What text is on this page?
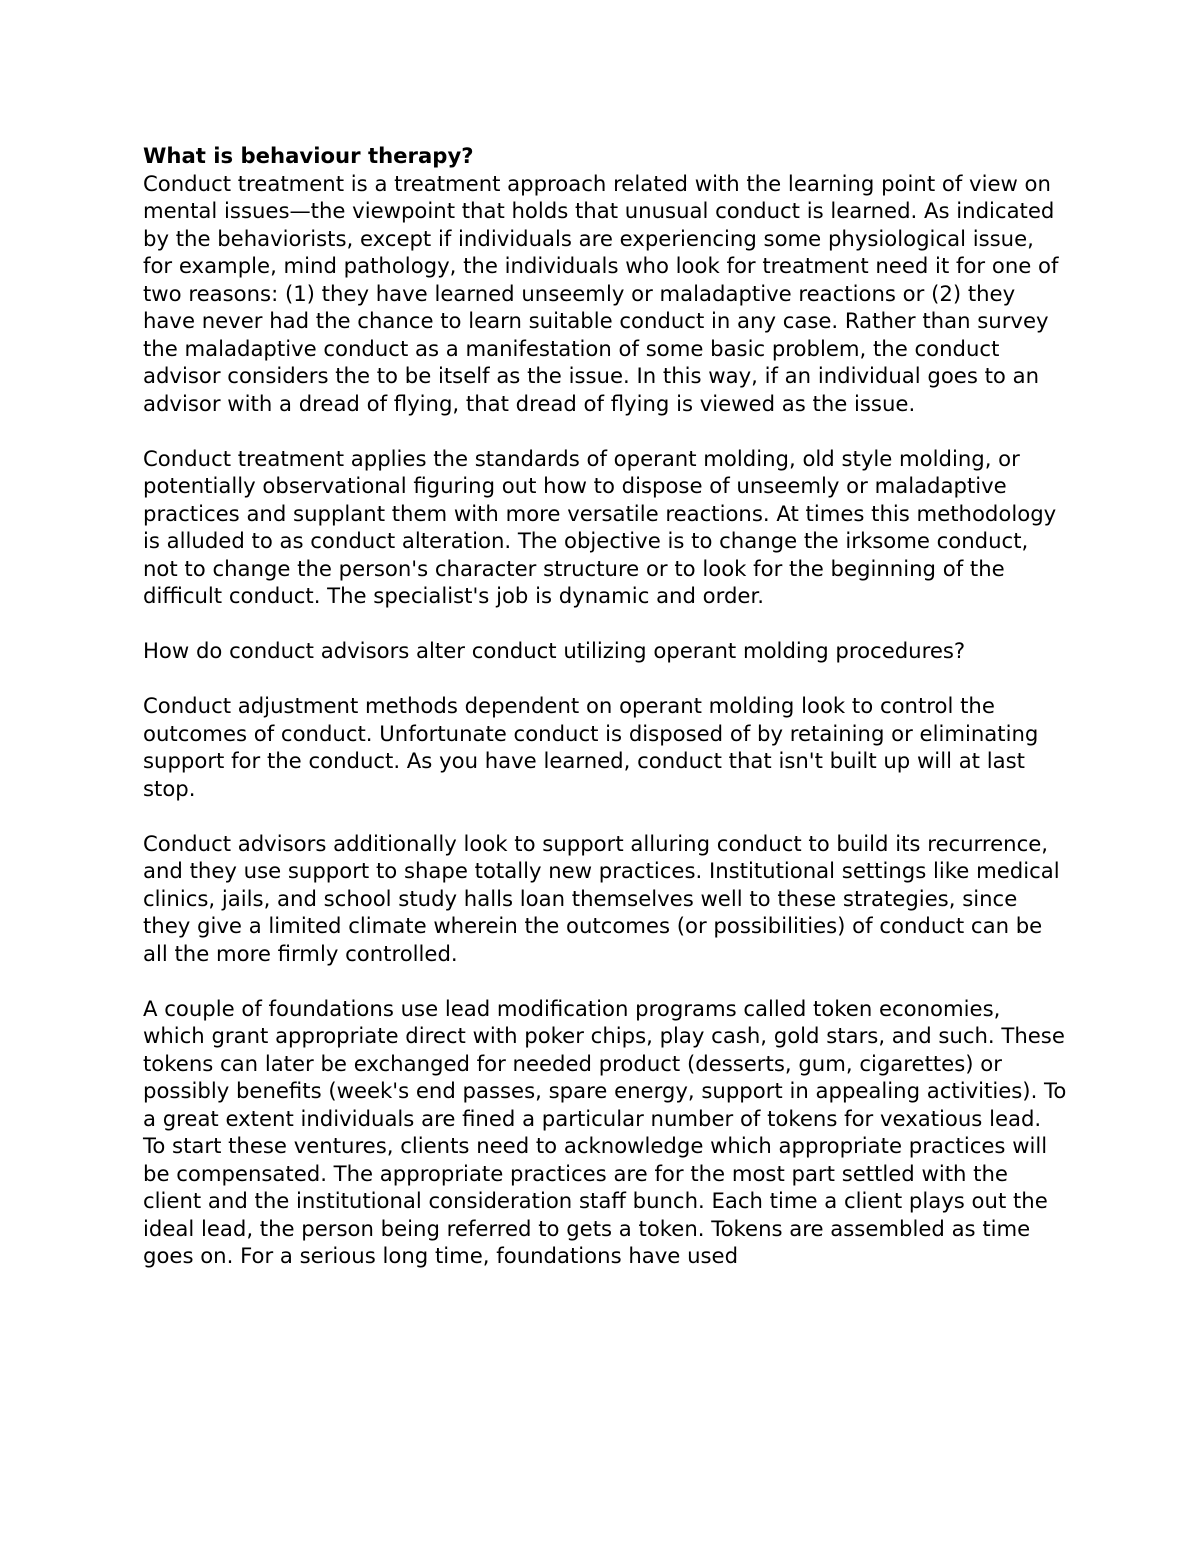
What is behaviour therapy?

Conduct treatment is a treatment approach related with the learning point of view on mental issues—the viewpoint that holds that unusual conduct is learned. As indicated by the behaviorists, except if individuals are experiencing some physiological issue, for example, mind pathology, the individuals who look for treatment need it for one of two reasons: (1) they have learned unseemly or maladaptive reactions or (2) they have never had the chance to learn suitable conduct in any case. Rather than survey the maladaptive conduct as a manifestation of some basic problem, the conduct advisor considers the to be itself as the issue. In this way, if an individual goes to an advisor with a dread of flying, that dread of flying is viewed as the issue.

Conduct treatment applies the standards of operant molding, old style molding, or potentially observational figuring out how to dispose of unseemly or maladaptive practices and supplant them with more versatile reactions. At times this methodology is alluded to as conduct alteration. The objective is to change the irksome conduct, not to change the person's character structure or to look for the beginning of the difficult conduct. The specialist's job is dynamic and order.

How do conduct advisors alter conduct utilizing operant molding procedures?

Conduct adjustment methods dependent on operant molding look to control the outcomes of conduct. Unfortunate conduct is disposed of by retaining or eliminating support for the conduct. As you have learned, conduct that isn't built up will at last stop.

Conduct advisors additionally look to support alluring conduct to build its recurrence, and they use support to shape totally new practices. Institutional settings like medical clinics, jails, and school study halls loan themselves well to these strategies, since they give a limited climate wherein the outcomes (or possibilities) of conduct can be all the more firmly controlled.

A couple of foundations use lead modification programs called token economies, which grant appropriate direct with poker chips, play cash, gold stars, and such. These tokens can later be exchanged for needed product (desserts, gum, cigarettes) or possibly benefits (week's end passes, spare energy, support in appealing activities). To a great extent individuals are fined a particular number of tokens for vexatious lead. To start these ventures, clients need to acknowledge which appropriate practices will be compensated. The appropriate practices are for the most part settled with the client and the institutional consideration staff bunch. Each time a client plays out the ideal lead, the person being referred to gets a token. Tokens are assembled as time goes on. For a serious long time, foundations have used
